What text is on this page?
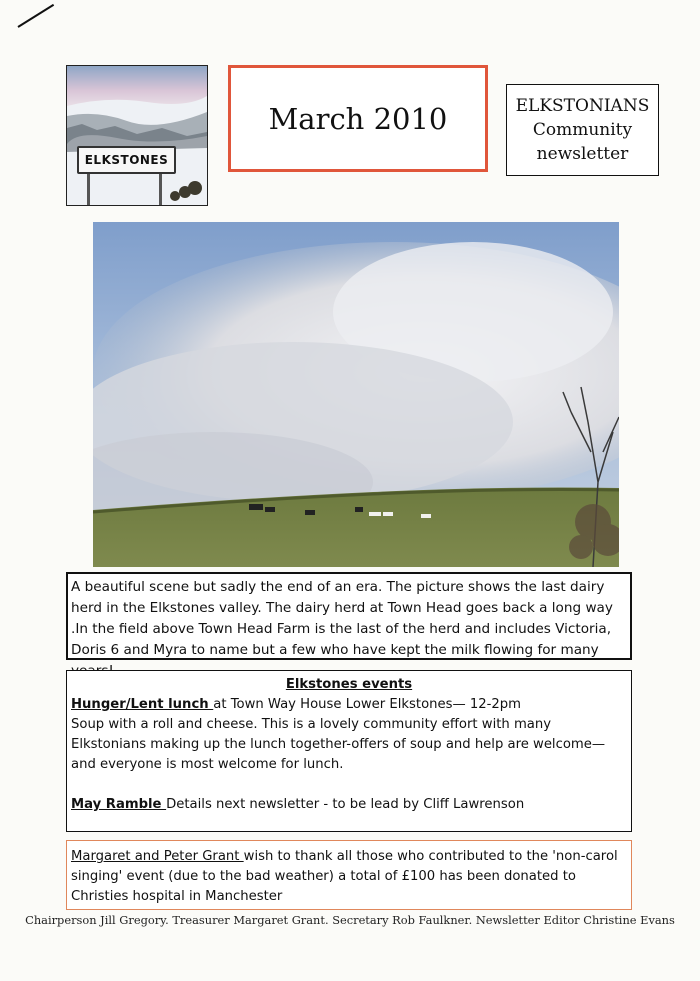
ELKSTONES
March 2010	ELKSTONIANS
Community
newsletter
A beautiful scene but sadly the end of an era. The picture shows the last dairy herd in the Elkstones valley. The dairy herd at Town Head goes back a long way .In the field above Town Head Farm is the last of the herd and includes Victoria, Doris 6 and Myra to name but a few who have kept the milk flowing for many
Elkstones events
Hunger/Lent lunch at Town Way House Lower Elkstones— 12-2pm
Soup with a roll and cheese. This is a lovely community effort with many Elkstonians making up the lunch together-offers of soup and help are welcome—and everyone is most welcome for lunch.
May Ramble Details next newsletter - to be lead by Cliff Lawrenson
Margaret and Peter Grant wish to thank all those who contributed to the 'non-carol singing' event (due to the bad weather) a total of £100 has been donated to Christies hospital in Manchester
Chairperson Jill Gregory. Treasurer Margaret Grant. Secretary Rob Faulkner. Newsletter Editor Christine Evans
